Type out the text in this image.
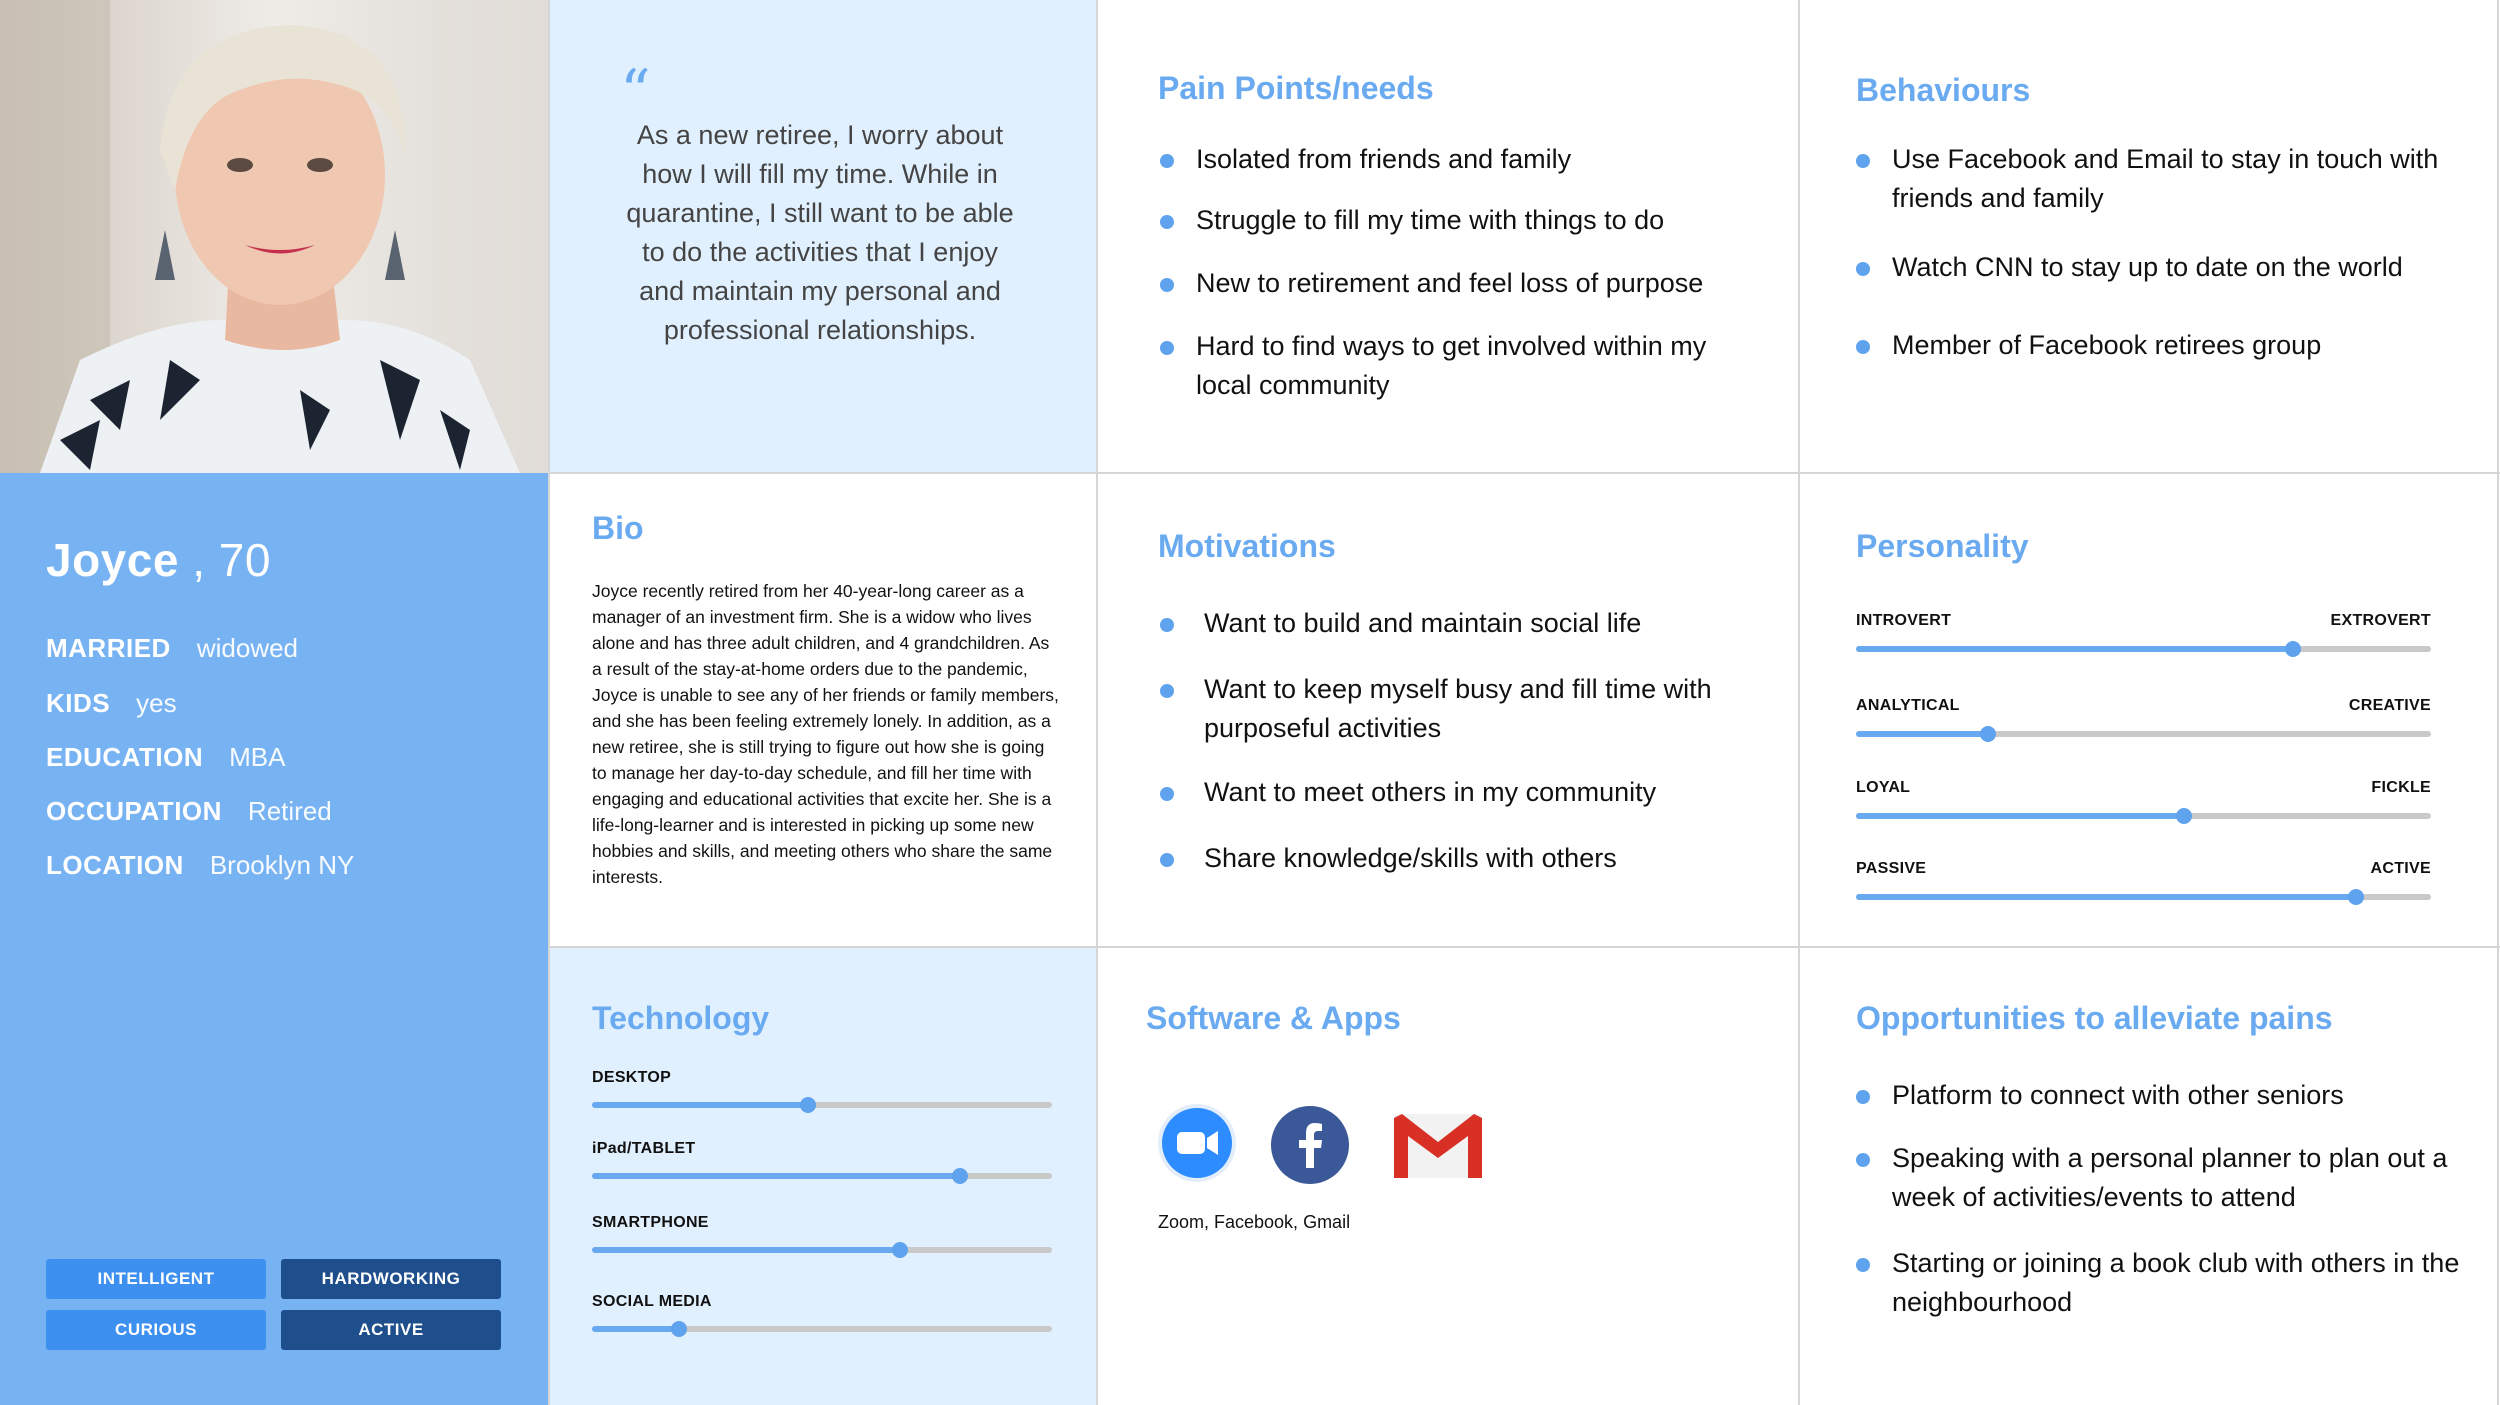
Joyce , 70
MARRIED widowed
KIDS yes
EDUCATION MBA
OCCUPATION Retired
LOCATION Brooklyn NY
INTELLIGENT	HARDWORKING
CURIOUS	ACTIVE
“
As a new retiree, I worry about how I will fill my time. While in quarantine, I still want to be able to do the activities that I enjoy and maintain my personal and professional relationships.
Pain Points/needs
Isolated from friends and family
Struggle to fill my time with things to do
New to retirement and feel loss of purpose
Hard to find ways to get involved within my local community
Behaviours
Use Facebook and Email to stay in touch with friends and family
Watch CNN to stay up to date on the world
Member of Facebook retirees group
Bio
Joyce recently retired from her 40-year-long career as a manager of an investment firm. She is a widow who lives alone and has three adult children, and 4 grandchildren. As a result of the stay-at-home orders due to the pandemic, Joyce is unable to see any of her friends or family members, and she has been feeling extremely lonely. In addition, as a new retiree, she is still trying to figure out how she is going to manage her day-to-day schedule, and fill her time with engaging and educational activities that excite her. She is a life-long-learner and is interested in picking up some new hobbies and skills, and meeting others who share the same interests.
Motivations
Want to build and maintain social life
Want to keep myself busy and fill time with purposeful activities
Want to meet others in my community
Share knowledge/skills with others
Personality
INTROVERT	EXTROVERT
ANALYTICAL	CREATIVE
LOYAL	FICKLE
PASSIVE	ACTIVE
Technology
DESKTOP
iPad/TABLET
SMARTPHONE
SOCIAL MEDIA
Software & Apps
Zoom, Facebook, Gmail
Opportunities to alleviate pains
Platform to connect with other seniors
Speaking with a personal planner to plan out a week of activities/events to attend
Starting or joining a book club with others in the neighbourhood
